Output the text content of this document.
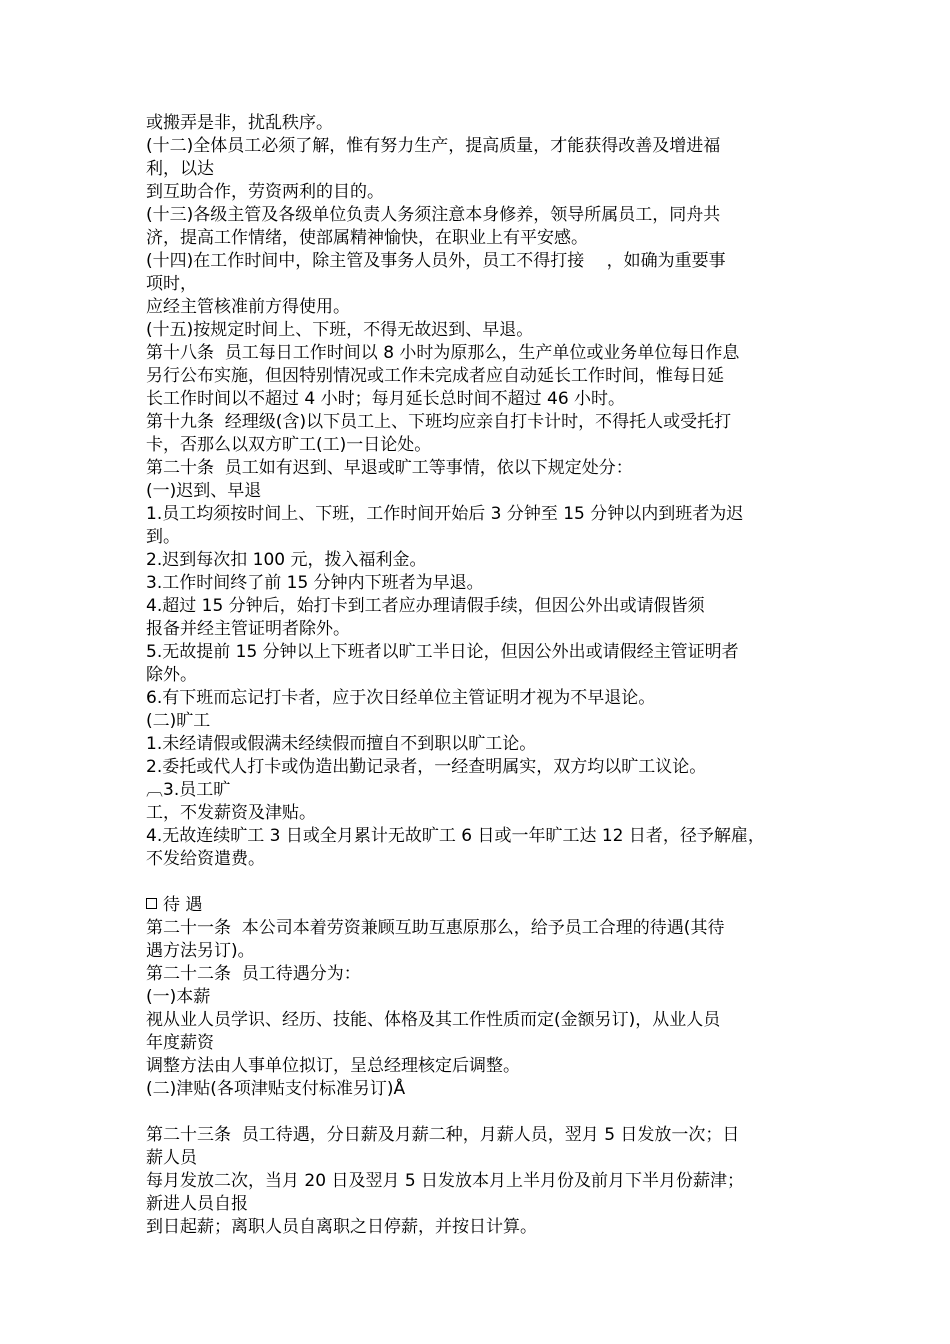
或搬弄是非，扰乱秩序。
(十二)全体员工必须了解，惟有努力生产，提高质量，才能获得改善及增进福
利，以达
到互助合作，劳资两利的目的。
(十三)各级主管及各级单位负责人务须注意本身修养，领导所属员工，同舟共
济，提高工作情绪，使部属精神愉快，在职业上有平安感。
(十四)在工作时间中，除主管及事务人员外，员工不得打接　 ，如确为重要事
项时，
应经主管核准前方得使用。
(十五)按规定时间上、下班，不得无故迟到、早退。
第十八条  员工每日工作时间以 8 小时为原那么，生产单位或业务单位每日作息
另行公布实施，但因特别情况或工作未完成者应自动延长工作时间，惟每日延
长工作时间以不超过 4 小时；每月延长总时间不超过 46 小时。
第十九条  经理级(含)以下员工上、下班均应亲自打卡计时，不得托人或受托打
卡，否那么以双方旷工(工)一日论处。
第二十条  员工如有迟到、早退或旷工等事情，依以下规定处分：
(一)迟到、早退
1.员工均须按时间上、下班，工作时间开始后 3 分钟至 15 分钟以内到班者为迟
到。
2.迟到每次扣 100 元，拨入福利金。
3.工作时间终了前 15 分钟内下班者为早退。
4.超过 15 分钟后，始打卡到工者应办理请假手续，但因公外出或请假皆须
报备并经主管证明者除外。
5.无故提前 15 分钟以上下班者以旷工半日论，但因公外出或请假经主管证明者
除外。
6.有下班而忘记打卡者，应于次日经单位主管证明才视为不早退论。
(二)旷工
1.未经请假或假满未经续假而擅自不到职以旷工论。
2.委托或代人打卡或伪造出勤记录者，一经查明属实，双方均以旷工议论。
︹3.员工旷
工，不发薪资及津贴。
4.无故连续旷工 3 日或全月累计无故旷工 6 日或一年旷工达 12 日者，径予解雇，
不发给资遣费。
待 遇
第二十一条  本公司本着劳资兼顾互助互惠原那么，给予员工合理的待遇(其待
遇方法另订)。
第二十二条  员工待遇分为：
(一)本薪
视从业人员学识、经历、技能、体格及其工作性质而定(金额另订)，从业人员
年度薪资
调整方法由人事单位拟订，呈总经理核定后调整。
(二)津贴(各项津贴支付标准另订)Å
第二十三条  员工待遇，分日薪及月薪二种，月薪人员，翌月 5 日发放一次；日
薪人员
每月发放二次，当月 20 日及翌月 5 日发放本月上半月份及前月下半月份薪津；
新进人员自报
到日起薪；离职人员自离职之日停薪，并按日计算。
